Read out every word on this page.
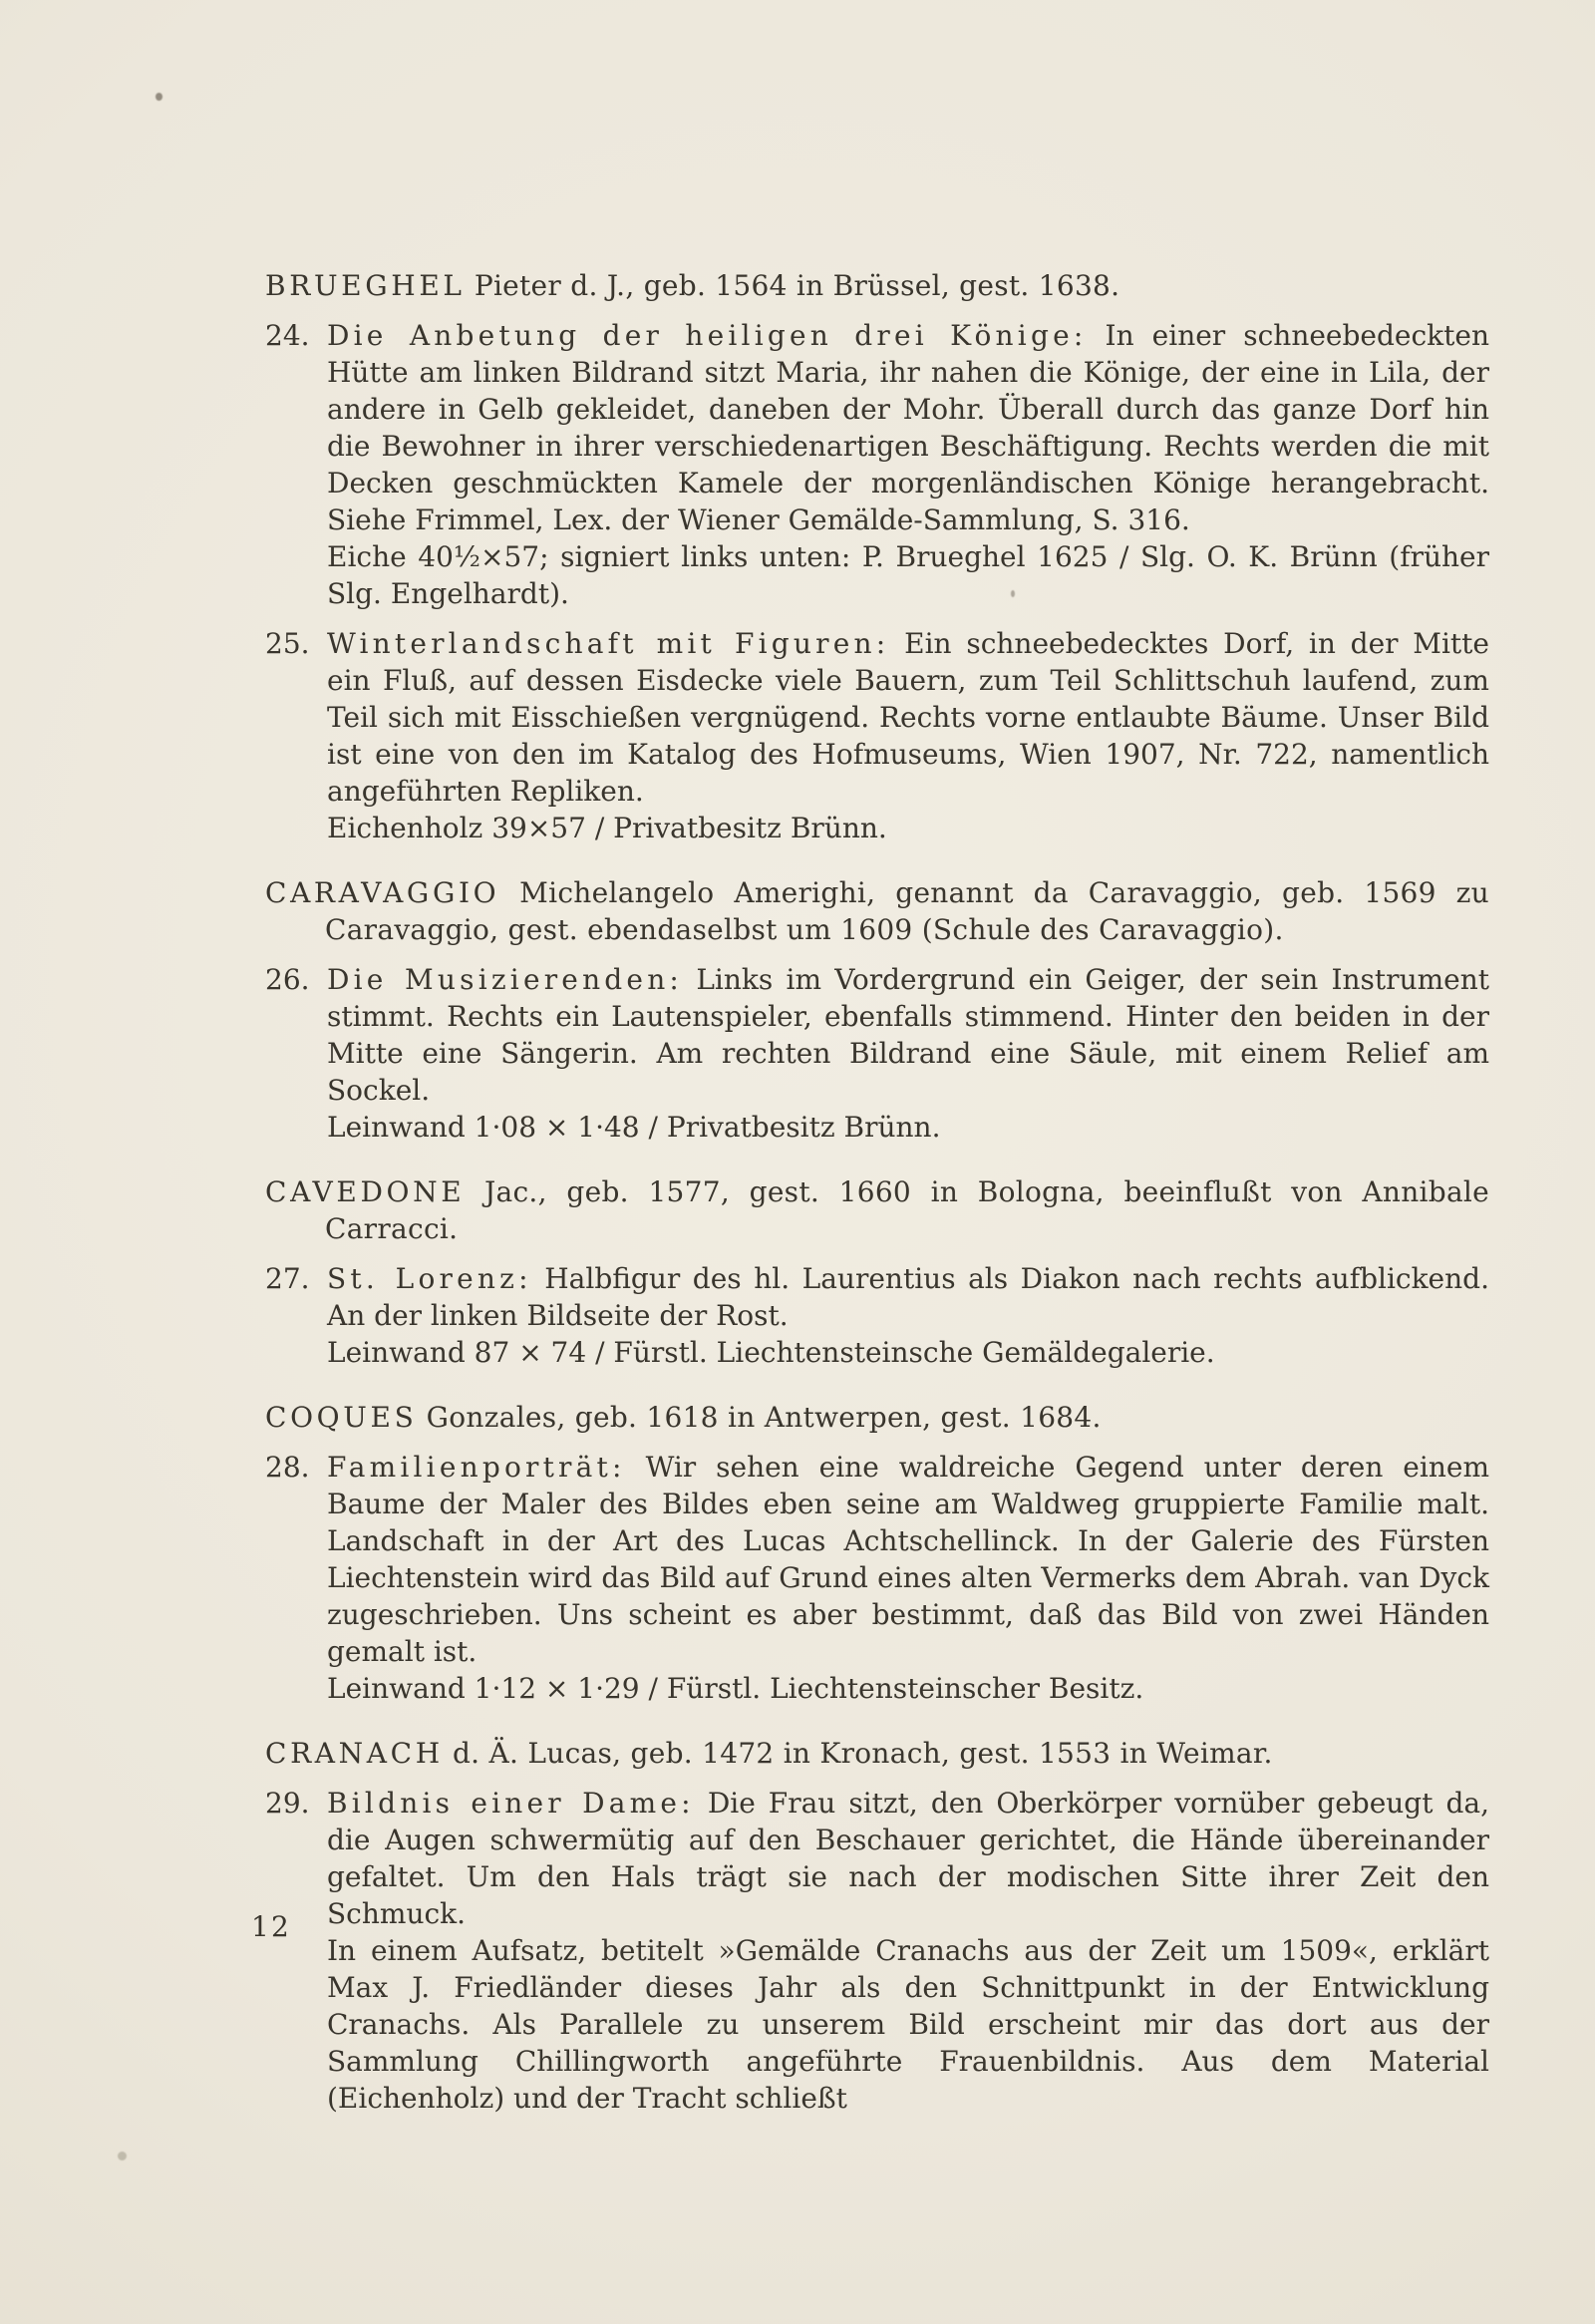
BRUEGHEL Pieter d. J., geb. 1564 in Brüssel, gest. 1638.

24. Die Anbetung der heiligen drei Könige: In einer schneebedeckten Hütte am linken Bildrand sitzt Maria, ihr nahen die Könige, der eine in Lila, der andere in Gelb gekleidet, daneben der Mohr. Überall durch das ganze Dorf hin die Bewohner in ihrer verschiedenartigen Beschäftigung. Rechts werden die mit Decken geschmückten Kamele der morgenländischen Könige herangebracht. Siehe Frimmel, Lex. der Wiener Gemälde-Sammlung, S. 316.

Eiche 40½×57; signiert links unten: P. Brueghel 1625 / Slg. O. K. Brünn (früher Slg. Engelhardt).

25. Winterlandschaft mit Figuren: Ein schneebedecktes Dorf, in der Mitte ein Fluß, auf dessen Eisdecke viele Bauern, zum Teil Schlittschuh laufend, zum Teil sich mit Eisschießen vergnügend. Rechts vorne entlaubte Bäume. Unser Bild ist eine von den im Katalog des Hofmuseums, Wien 1907, Nr. 722, namentlich angeführten Repliken.

Eichenholz 39×57 / Privatbesitz Brünn.

CARAVAGGIO Michelangelo Amerighi, genannt da Caravaggio, geb. 1569 zu Caravaggio, gest. ebendaselbst um 1609 (Schule des Caravaggio).

26. Die Musizierenden: Links im Vordergrund ein Geiger, der sein Instrument stimmt. Rechts ein Lautenspieler, ebenfalls stimmend. Hinter den beiden in der Mitte eine Sängerin. Am rechten Bildrand eine Säule, mit einem Relief am Sockel.

Leinwand 1·08 × 1·48 / Privatbesitz Brünn.

CAVEDONE Jac., geb. 1577, gest. 1660 in Bologna, beeinflußt von Annibale Carracci.

27. St. Lorenz: Halbfigur des hl. Laurentius als Diakon nach rechts aufblickend. An der linken Bildseite der Rost.

Leinwand 87 × 74 / Fürstl. Liechtensteinsche Gemäldegalerie.

COQUES Gonzales, geb. 1618 in Antwerpen, gest. 1684.

28. Familienporträt: Wir sehen eine waldreiche Gegend unter deren einem Baume der Maler des Bildes eben seine am Waldweg gruppierte Familie malt. Landschaft in der Art des Lucas Achtschellinck. In der Galerie des Fürsten Liechtenstein wird das Bild auf Grund eines alten Vermerks dem Abrah. van Dyck zugeschrieben. Uns scheint es aber bestimmt, daß das Bild von zwei Händen gemalt ist.

Leinwand 1·12 × 1·29 / Fürstl. Liechtensteinscher Besitz.

CRANACH d. Ä. Lucas, geb. 1472 in Kronach, gest. 1553 in Weimar.

29. Bildnis einer Dame: Die Frau sitzt, den Oberkörper vornüber gebeugt da, die Augen schwermütig auf den Beschauer gerichtet, die Hände übereinander gefaltet. Um den Hals trägt sie nach der modischen Sitte ihrer Zeit den Schmuck.

In einem Aufsatz, betitelt »Gemälde Cranachs aus der Zeit um 1509«, erklärt Max J. Friedländer dieses Jahr als den Schnittpunkt in der Entwicklung Cranachs. Als Parallele zu unserem Bild erscheint mir das dort aus der Sammlung Chillingworth angeführte Frauenbildnis. Aus dem Material (Eichenholz) und der Tracht schließt

12
